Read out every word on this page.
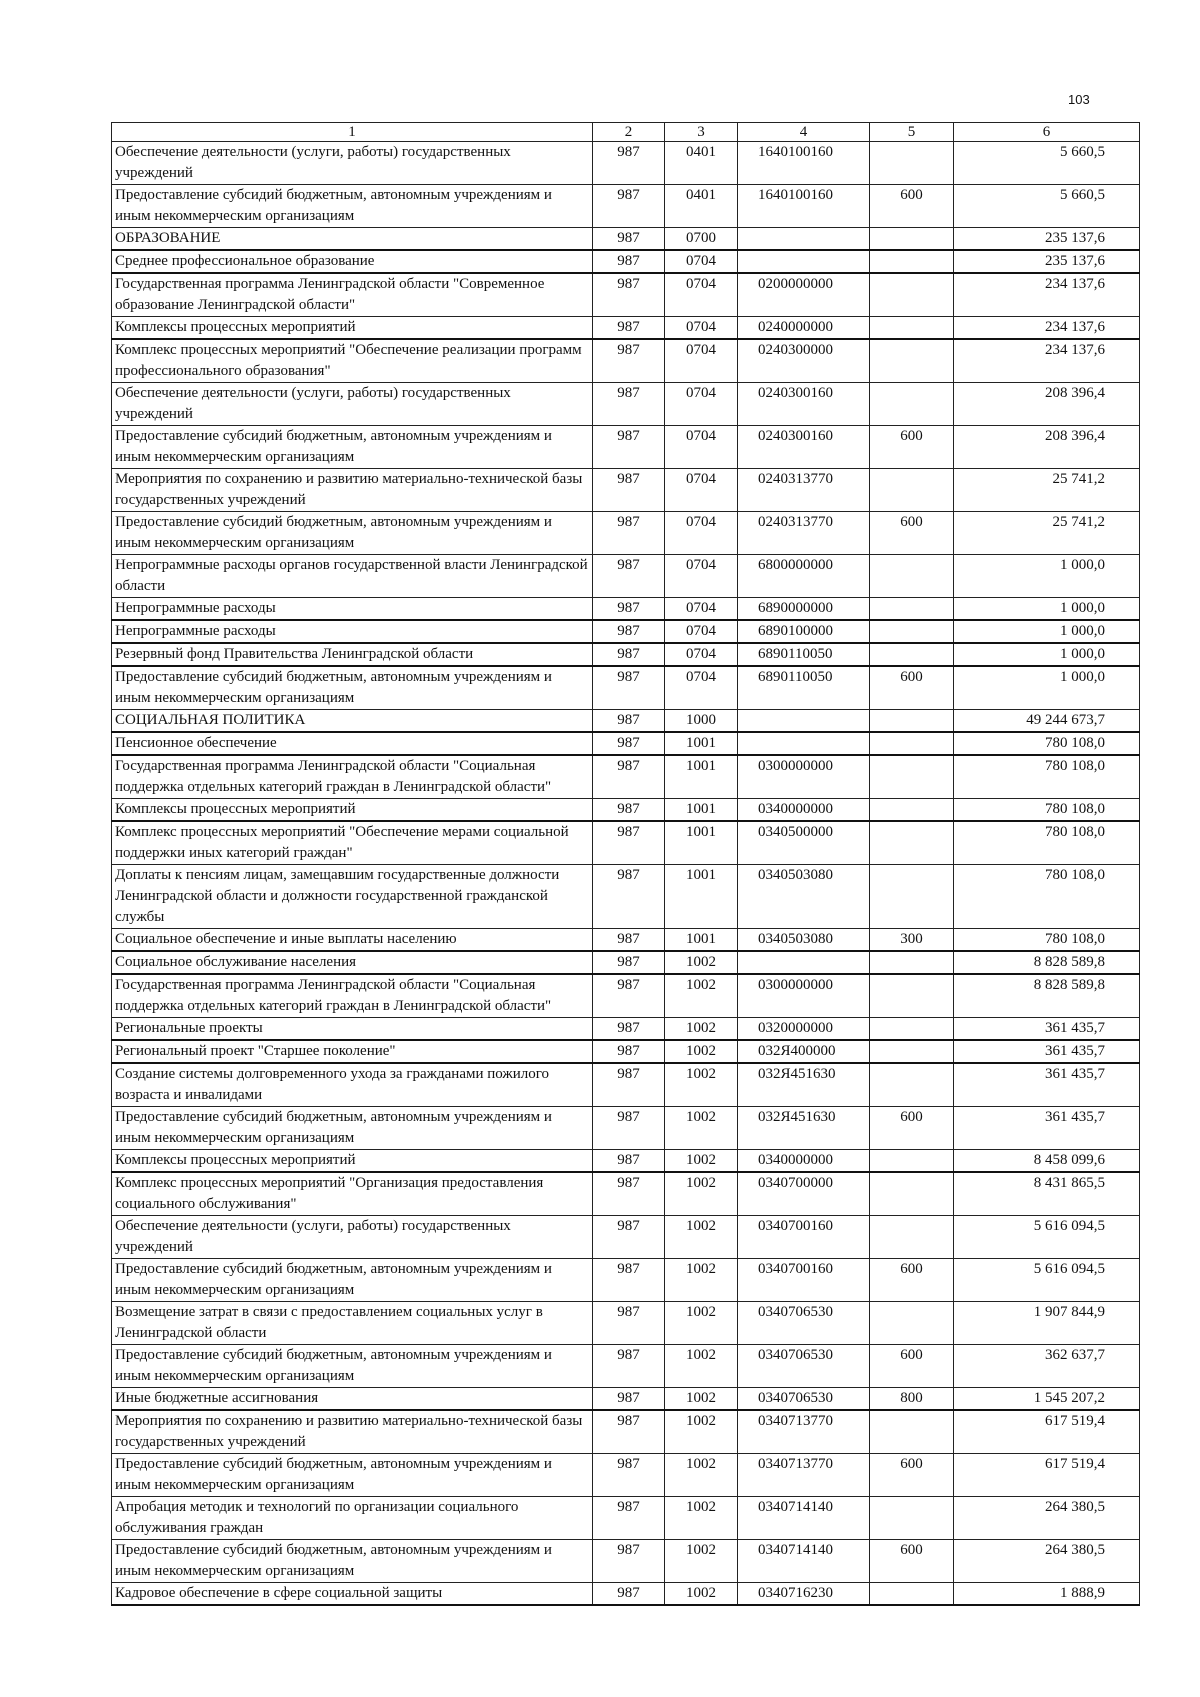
103
1	2	3	4	5	6
Обеспечение деятельности (услуги, работы) государственных учреждений	987	0401	1640100160		5 660,5
Предоставление субсидий бюджетным, автономным учреждениям и иным некоммерческим организациям	987	0401	1640100160	600	5 660,5
ОБРАЗОВАНИЕ	987	0700			235 137,6
Среднее профессиональное образование	987	0704			235 137,6
Государственная программа Ленинградской области "Современное образование Ленинградской области"	987	0704	0200000000		234 137,6
Комплексы процессных мероприятий	987	0704	0240000000		234 137,6
Комплекс процессных мероприятий "Обеспечение реализации программ профессионального образования"	987	0704	0240300000		234 137,6
Обеспечение деятельности (услуги, работы) государственных учреждений	987	0704	0240300160		208 396,4
Предоставление субсидий бюджетным, автономным учреждениям и иным некоммерческим организациям	987	0704	0240300160	600	208 396,4
Мероприятия по сохранению и развитию материально-технической базы государственных учреждений	987	0704	0240313770		25 741,2
Предоставление субсидий бюджетным, автономным учреждениям и иным некоммерческим организациям	987	0704	0240313770	600	25 741,2
Непрограммные расходы органов государственной власти Ленинградской области	987	0704	6800000000		1 000,0
Непрограммные расходы	987	0704	6890000000		1 000,0
Непрограммные расходы	987	0704	6890100000		1 000,0
Резервный фонд Правительства Ленинградской области	987	0704	6890110050		1 000,0
Предоставление субсидий бюджетным, автономным учреждениям и иным некоммерческим организациям	987	0704	6890110050	600	1 000,0
СОЦИАЛЬНАЯ ПОЛИТИКА	987	1000			49 244 673,7
Пенсионное обеспечение	987	1001			780 108,0
Государственная программа Ленинградской области "Социальная поддержка отдельных категорий граждан в Ленинградской области"	987	1001	0300000000		780 108,0
Комплексы процессных мероприятий	987	1001	0340000000		780 108,0
Комплекс процессных мероприятий "Обеспечение мерами социальной поддержки иных категорий граждан"	987	1001	0340500000		780 108,0
Доплаты к пенсиям лицам, замещавшим государственные должности Ленинградской области и должности государственной гражданской службы	987	1001	0340503080		780 108,0
Социальное обеспечение и иные выплаты населению	987	1001	0340503080	300	780 108,0
Социальное обслуживание населения	987	1002			8 828 589,8
Государственная программа Ленинградской области "Социальная поддержка отдельных категорий граждан в Ленинградской области"	987	1002	0300000000		8 828 589,8
Региональные проекты	987	1002	0320000000		361 435,7
Региональный проект "Старшее поколение"	987	1002	032Я400000		361 435,7
Создание системы долговременного ухода за гражданами пожилого возраста и инвалидами	987	1002	032Я451630		361 435,7
Предоставление субсидий бюджетным, автономным учреждениям и иным некоммерческим организациям	987	1002	032Я451630	600	361 435,7
Комплексы процессных мероприятий	987	1002	0340000000		8 458 099,6
Комплекс процессных мероприятий "Организация предоставления социального обслуживания"	987	1002	0340700000		8 431 865,5
Обеспечение деятельности (услуги, работы) государственных учреждений	987	1002	0340700160		5 616 094,5
Предоставление субсидий бюджетным, автономным учреждениям и иным некоммерческим организациям	987	1002	0340700160	600	5 616 094,5
Возмещение затрат в связи с предоставлением социальных услуг в Ленинградской области	987	1002	0340706530		1 907 844,9
Предоставление субсидий бюджетным, автономным учреждениям и иным некоммерческим организациям	987	1002	0340706530	600	362 637,7
Иные бюджетные ассигнования	987	1002	0340706530	800	1 545 207,2
Мероприятия по сохранению и развитию материально-технической базы государственных учреждений	987	1002	0340713770		617 519,4
Предоставление субсидий бюджетным, автономным учреждениям и иным некоммерческим организациям	987	1002	0340713770	600	617 519,4
Апробация методик и технологий по организации социального обслуживания граждан	987	1002	0340714140		264 380,5
Предоставление субсидий бюджетным, автономным учреждениям и иным некоммерческим организациям	987	1002	0340714140	600	264 380,5
Кадровое обеспечение в сфере социальной защиты	987	1002	0340716230		1 888,9
